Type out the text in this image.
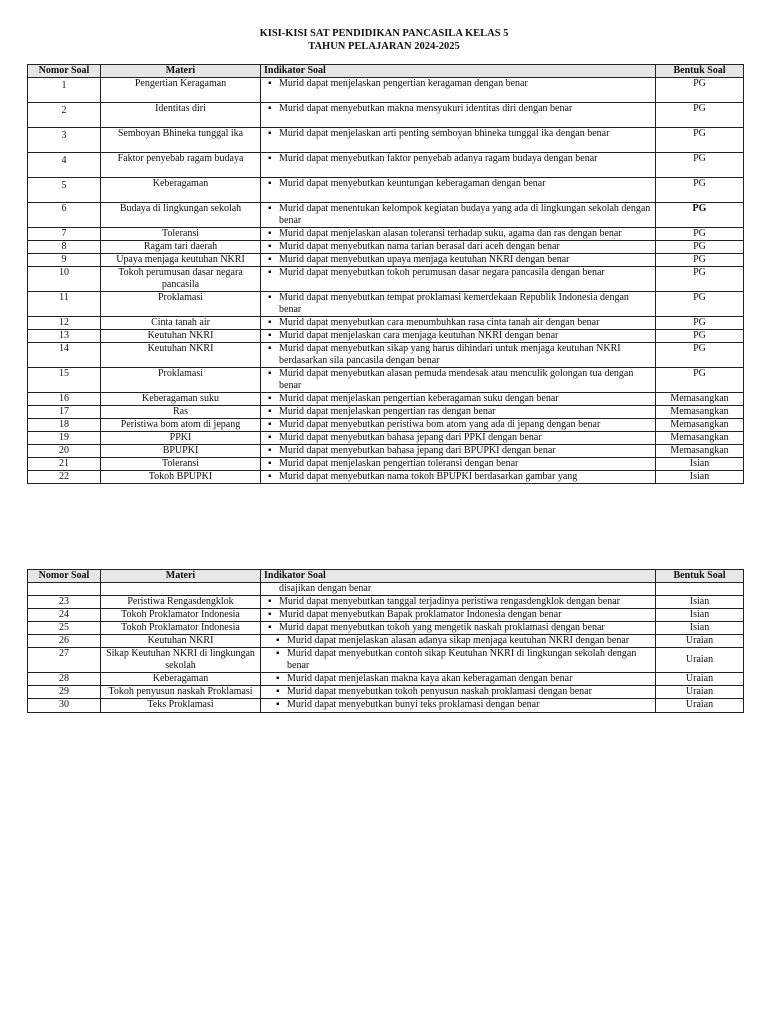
KISI-KISI SAT PENDIDIKAN PANCASILA KELAS 5
TAHUN PELAJARAN 2024-2025
Nomor Soal	Materi	Indikator Soal	Bentuk Soal
1	Pengertian Keragaman	▪ Murid dapat menjelaskan pengertian keragaman dengan benar	PG
2	Identitas diri	▪ Murid dapat menyebutkan makna mensyukuri identitas diri dengan benar	PG
3	Semboyan Bhineka tunggal ika	▪ Murid dapat menjelaskan arti penting semboyan bhineka tunggal ika dengan benar	PG
4	Faktor penyebab ragam budaya	▪ Murid dapat menyebutkan faktor penyebab adanya ragam budaya dengan benar	PG
5	Keberagaman	▪ Murid dapat menyebutkan keuntungan keberagaman dengan benar	PG
6	Budaya di lingkungan sekolah	▪ Murid dapat menentukan kelompok kegiatan budaya yang ada di lingkungan sekolah dengan benar	PG
7	Toleransi	▪ Murid dapat menjelaskan alasan toleransi terhadap suku, agama dan ras dengan benar	PG
8	Ragam tari daerah	▪ Murid dapat menyebutkan nama tarian berasal dari aceh dengan benar	PG
9	Upaya menjaga keutuhan NKRI	▪ Murid dapat menyebutkan upaya menjaga keutuhan NKRI dengan benar	PG
10	Tokoh perumusan dasar negara pancasila	▪ Murid dapat menyebutkan tokoh perumusan dasar negara pancasila dengan benar	PG
11	Proklamasi	▪ Murid dapat menyebutkan tempat proklamasi kemerdekaan Republik Indonesia dengan benar	PG
12	Cinta tanah air	▪ Murid dapat menyebutkan cara menumbuhkan rasa cinta tanah air dengan benar	PG
13	Keutuhan NKRI	▪ Murid dapat menjelaskan cara menjaga keutuhan NKRI dengan benar	PG
14	Keutuhan NKRI	▪ Murid dapat menyebutkan sikap yang harus dihindari untuk menjaga keutuhan NKRI berdasarkan sila pancasila dengan benar	PG
15	Proklamasi	▪ Murid dapat menyebutkan alasan pemuda mendesak atau menculik golongan tua dengan benar	PG
16	Keberagaman suku	▪ Murid dapat menjelaskan pengertian keberagaman suku dengan benar	Memasangkan
17	Ras	▪ Murid dapat menjelaskan pengertian ras dengan benar	Memasangkan
18	Peristiwa bom atom di jepang	▪ Murid dapat menyebutkan peristiwa bom atom yang ada di jepang dengan benar	Memasangkan
19	PPKI	▪ Murid dapat menyebutkan bahasa jepang dari PPKI dengan benar	Memasangkan
20	BPUPKI	▪ Murid dapat menyebutkan bahasa jepang dari BPUPKI dengan benar	Memasangkan
21	Toleransi	▪ Murid dapat menjelaskan pengertian toleransi dengan benar	Isian
22	Tokoh BPUPKI	▪ Murid dapat menyebutkan nama tokoh BPUPKI berdasarkan gambar yang	Isian
Nomor Soal	Materi	Indikator Soal	Bentuk Soal

		disajikan dengan benar	

23	Peristiwa Rengasdengklok	▪ Murid dapat menyebutkan tanggal terjadinya peristiwa rengasdengklok dengan benar	Isian
24	Tokoh Proklamator Indonesia	▪ Murid dapat menyebutkan Bapak proklamator Indonesia dengan benar	Isian
25	Tokoh Proklamator Indonesia	▪ Murid dapat menyebutkan tokoh yang mengetik naskah proklamasi dengan benar	Isian
26	Keutuhan NKRI	▪ Murid dapat menjelaskan alasan adanya sikap menjaga keutuhan NKRI dengan benar	Uraian
27	Sikap Keutuhan NKRI di lingkungan sekolah	▪ Murid dapat menyebutkan contoh sikap Keutuhan NKRI di lingkungan sekolah dengan benar	Uraian
28	Keberagaman	▪ Murid dapat menjelaskan makna kaya akan keberagaman dengan benar	Uraian
29	Tokoh penyusun naskah Proklamasi	▪ Murid dapat menyebutkan tokoh penyusun naskah proklamasi dengan benar	Uraian
30	Teks Proklamasi	▪ Murid dapat menyebutkan bunyi teks proklamasi dengan benar	Uraian
